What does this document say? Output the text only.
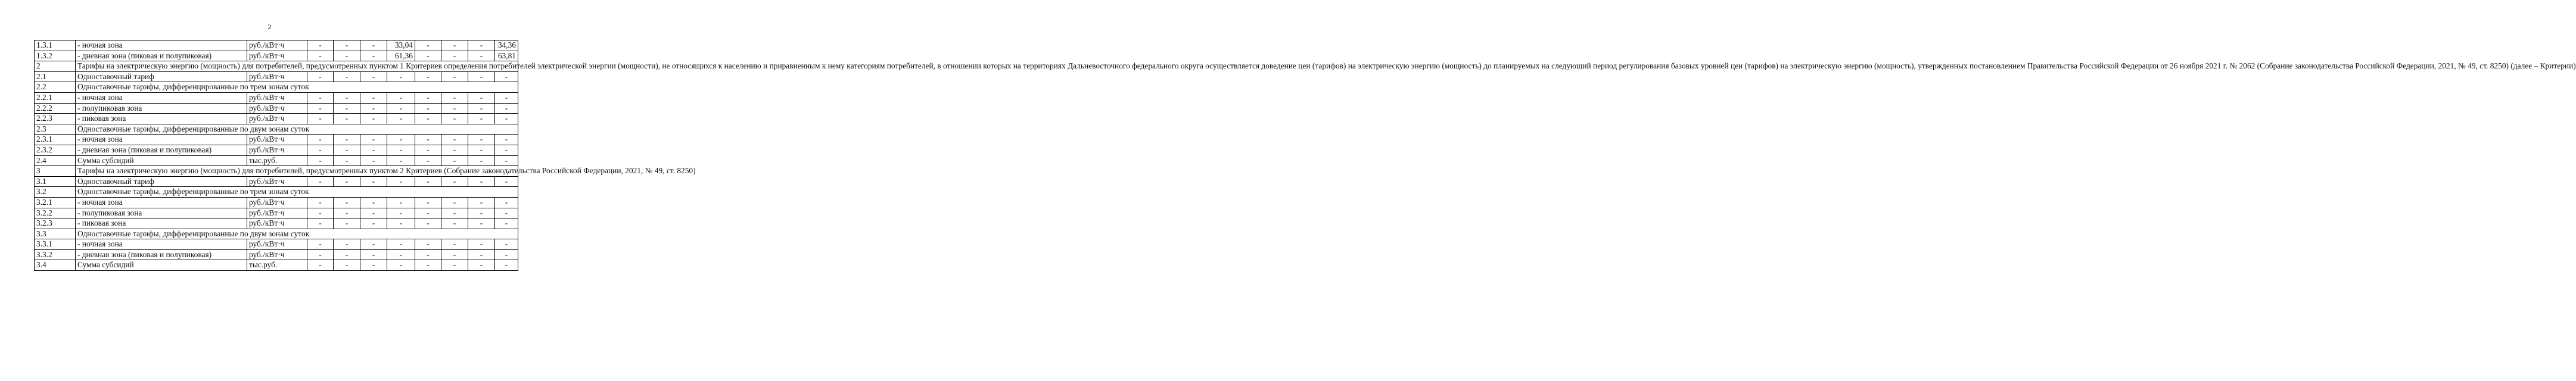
2
1.3.1	- ночная зона	руб./кВт·ч	-	-	-	33,04	-	-	-	34,36
1.3.2	- дневная зона (пиковая и полупиковая)	руб./кВт·ч	-	-	-	61,36	-	-	-	63,81
2	Тарифы на электрическую энергию (мощность) для потребителей, предусмотренных пунктом 1 Критериев определения потребителей электрической энергии (мощности), не относящихся к населению и приравненным к нему категориям потребителей, в отношении которых на территориях Дальневосточного федерального округа осуществляется доведение цен (тарифов) на электрическую энергию (мощность) до планируемых на следующий период регулирования базовых уровней цен (тарифов) на электрическую энергию (мощность), утвержденных постановлением Правительства Российской Федерации от 26 ноября 2021 г. № 2062 (Собрание законодательства Российской Федерации, 2021, № 49, ст. 8250) (далее – Критерии)									
2.1	Одноставочный тариф	руб./кВт·ч	-	-	-	-	-	-	-	-
2.2	Одноставочные тарифы, дифференцированные по трем зонам суток									
2.2.1	- ночная зона	руб./кВт·ч	-	-	-	-	-	-	-	-
2.2.2	- полупиковая зона	руб./кВт·ч	-	-	-	-	-	-	-	-
2.2.3	- пиковая зона	руб./кВт·ч	-	-	-	-	-	-	-	-
2.3	Одноставочные тарифы, дифференцированные по двум зонам суток									
2.3.1	- ночная зона	руб./кВт·ч	-	-	-	-	-	-	-	-
2.3.2	- дневная зона (пиковая и полупиковая)	руб./кВт·ч	-	-	-	-	-	-	-	-
2.4	Сумма субсидий	тыс.руб.	-	-	-	-	-	-	-	-
3	Тарифы на электрическую энергию (мощность) для потребителей, предусмотренных пунктом 2 Критериев (Собрание законодательства Российской Федерации, 2021, № 49, ст. 8250)									
3.1	Одноставочный тариф	руб./кВт·ч	-	-	-	-	-	-	-	-
3.2	Одноставочные тарифы, дифференцированные по трем зонам суток									
3.2.1	- ночная зона	руб./кВт·ч	-	-	-	-	-	-	-	-
3.2.2	- полупиковая зона	руб./кВт·ч	-	-	-	-	-	-	-	-
3.2.3	- пиковая зона	руб./кВт·ч	-	-	-	-	-	-	-	-
3.3	Одноставочные тарифы, дифференцированные по двум зонам суток									
3.3.1	- ночная зона	руб./кВт·ч	-	-	-	-	-	-	-	-
3.3.2	- дневная зона (пиковая и полупиковая)	руб./кВт·ч	-	-	-	-	-	-	-	-
3.4	Сумма субсидий	тыс.руб.	-	-	-	-	-	-	-	-
